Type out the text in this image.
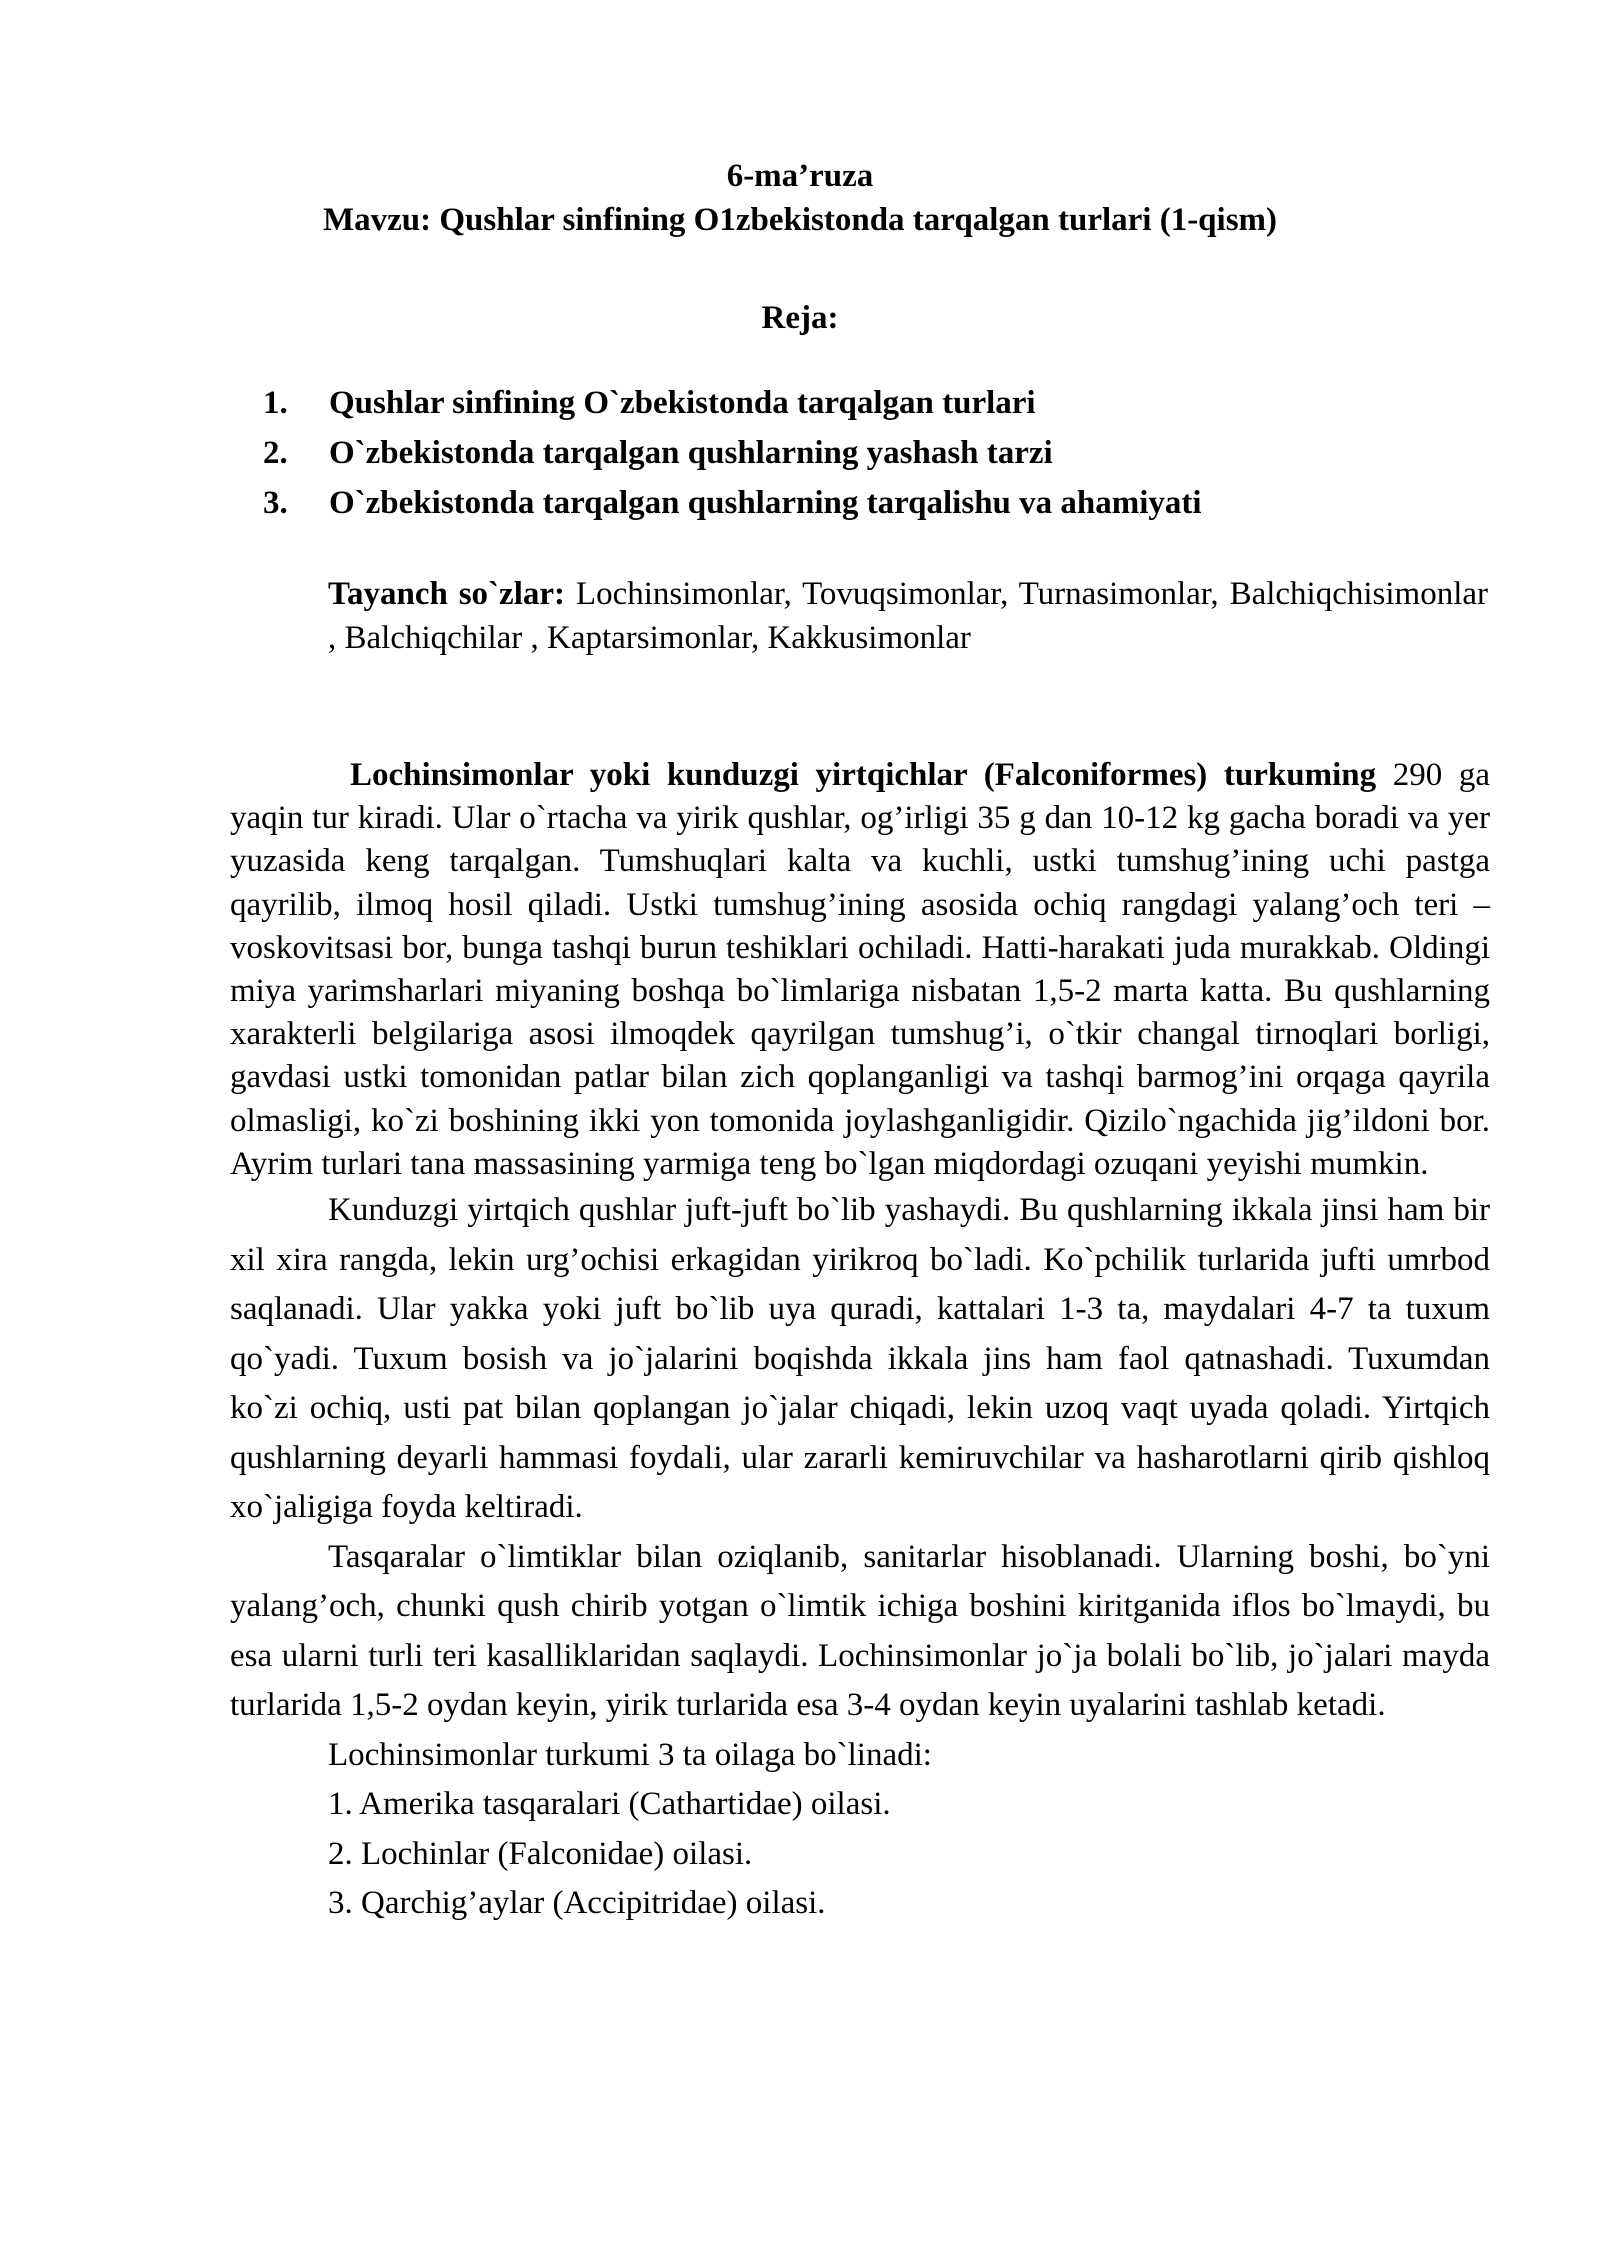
6-ma’ruza
Mavzu: Qushlar sinfining O1zbekistonda tarqalgan turlari (1-qism)
Reja:
1. Qushlar sinfining O`zbekistonda tarqalgan turlari
2. O`zbekistonda tarqalgan qushlarning yashash tarzi
3. O`zbekistonda tarqalgan qushlarning tarqalishu va ahamiyati
Tayanch so`zlar: Lochinsimonlar, Tovuqsimonlar, Turnasimonlar, Balchiqchisimonlar , Balchiqchilar , Kaptarsimonlar, Kakkusimonlar

Lochinsimonlar yoki kunduzgi yirtqichlar (Falconiformes) turkuming 290 ga yaqin tur kiradi. Ular o`rtacha va yirik qushlar, og’irligi 35 g dan 10-12 kg gacha boradi va yer yuzasida keng tarqalgan. Tumshuqlari kalta va kuchli, ustki tumshug’ining uchi pastga qayrilib, ilmoq hosil qiladi. Ustki tumshug’ining asosida ochiq rangdagi yalang’och teri – voskovitsasi bor, bunga tashqi burun teshiklari ochiladi. Hatti-harakati juda murakkab. Oldingi miya yarimsharlari miyaning boshqa bo`limlariga nisbatan 1,5-2 marta katta. Bu qushlarning xarakterli belgilariga asosi ilmoqdek qayrilgan tumshug’i, o`tkir changal tirnoqlari borligi, gavdasi ustki tomonidan patlar bilan zich qoplanganligi va tashqi barmog’ini orqaga qayrila olmasligi, ko`zi boshining ikki yon tomonida joylashganligidir. Qizilo`ngachida jig’ildoni bor. Ayrim turlari tana massasining yarmiga teng bo`lgan miqdordagi ozuqani yeyishi mumkin.

Kunduzgi yirtqich qushlar juft-juft bo`lib yashaydi. Bu qushlarning ikkala jinsi ham bir xil xira rangda, lekin urg’ochisi erkagidan yirikroq bo`ladi. Ko`pchilik turlarida jufti umrbod saqlanadi. Ular yakka yoki juft bo`lib uya quradi, kattalari 1-3 ta, maydalari 4-7 ta tuxum qo`yadi. Tuxum bosish va jo`jalarini boqishda ikkala jins ham faol qatnashadi. Tuxumdan ko`zi ochiq, usti pat bilan qoplangan jo`jalar chiqadi, lekin uzoq vaqt uyada qoladi. Yirtqich qushlarning deyarli hammasi foydali, ular zararli kemiruvchilar va hasharotlarni qirib qishloq xo`jaligiga foyda keltiradi.

Tasqaralar o`limtiklar bilan oziqlanib, sanitarlar hisoblanadi. Ularning boshi, bo`yni yalang’och, chunki qush chirib yotgan o`limtik ichiga boshini kiritganida iflos bo`lmaydi, bu esa ularni turli teri kasalliklaridan saqlaydi. Lochinsimonlar jo`ja bolali bo`lib, jo`jalari mayda turlarida 1,5-2 oydan keyin, yirik turlarida esa 3-4 oydan keyin uyalarini tashlab ketadi.

Lochinsimonlar turkumi 3 ta oilaga bo`linadi:

1. Amerika tasqaralari (Cathartidae) oilasi.

2. Lochinlar (Falconidae) oilasi.

3. Qarchig’aylar (Accipitridae) oilasi.
